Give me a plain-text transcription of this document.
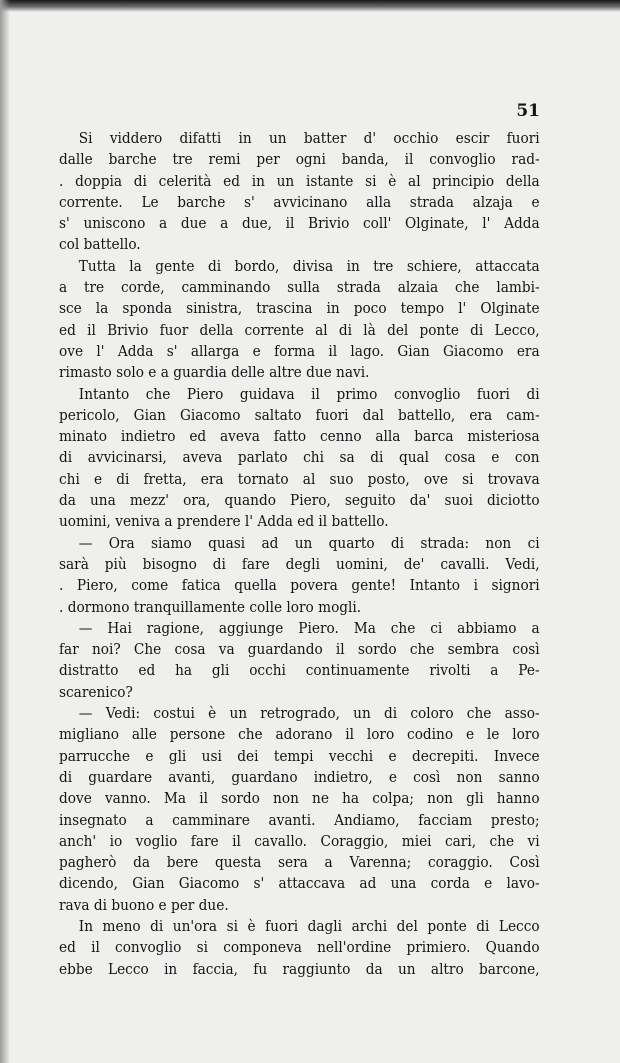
51
Si viddero difatti in un batter d' occhio escir fuori
dalle barche tre remi per ogni banda, il convoglio rad-
. doppia di celerità ed in un istante si è al principio della
corrente. Le barche s' avvicinano alla strada alzaja e
s' uniscono a due a due, il Brivio coll' Olginate, l' Adda
col battello.
Tutta la gente di bordo, divisa in tre schiere, attaccata
a tre corde, camminando sulla strada alzaia che lambi-
sce la sponda sinistra, trascina in poco tempo l' Olginate
ed il Brivio fuor della corrente al di là del ponte di Lecco,
ove l' Adda s' allarga e forma il lago. Gian Giacomo era
rimasto solo e a guardia delle altre due navi.
Intanto che Piero guidava il primo convoglio fuori di
pericolo, Gian Giacomo saltato fuori dal battello, era cam-
minato indietro ed aveva fatto cenno alla barca misteriosa
di avvicinarsi, aveva parlato chi sa di qual cosa e con
chi e di fretta, era tornato al suo posto, ove si trovava
da una mezz' ora, quando Piero, seguito da' suoi diciotto
uomini, veniva a prendere l' Adda ed il battello.
— Ora siamo quasi ad un quarto di strada: non ci
sarà più bisogno di fare degli uomini, de' cavalli. Vedi,
. Piero, come fatica quella povera gente! Intanto i signori
. dormono tranquillamente colle loro mogli.
— Hai ragione, aggiunge Piero. Ma che ci abbiamo a
far noi? Che cosa va guardando il sordo che sembra così
distratto ed ha gli occhi continuamente rivolti a Pe-
scarenico?
— Vedi: costui è un retrogrado, un di coloro che asso-
migliano alle persone che adorano il loro codino e le loro
parrucche e gli usi dei tempi vecchi e decrepiti. Invece
di guardare avanti, guardano indietro, e così non sanno
dove vanno. Ma il sordo non ne ha colpa; non gli hanno
insegnato a camminare avanti. Andiamo, facciam presto;
anch' io voglio fare il cavallo. Coraggio, miei cari, che vi
pagherò da bere questa sera a Varenna; coraggio. Così
dicendo, Gian Giacomo s' attaccava ad una corda e lavo-
rava di buono e per due.
In meno di un'ora si è fuori dagli archi del ponte di Lecco
ed il convoglio si componeva nell'ordine primiero. Quando
ebbe Lecco in faccia, fu raggiunto da un altro barcone,
